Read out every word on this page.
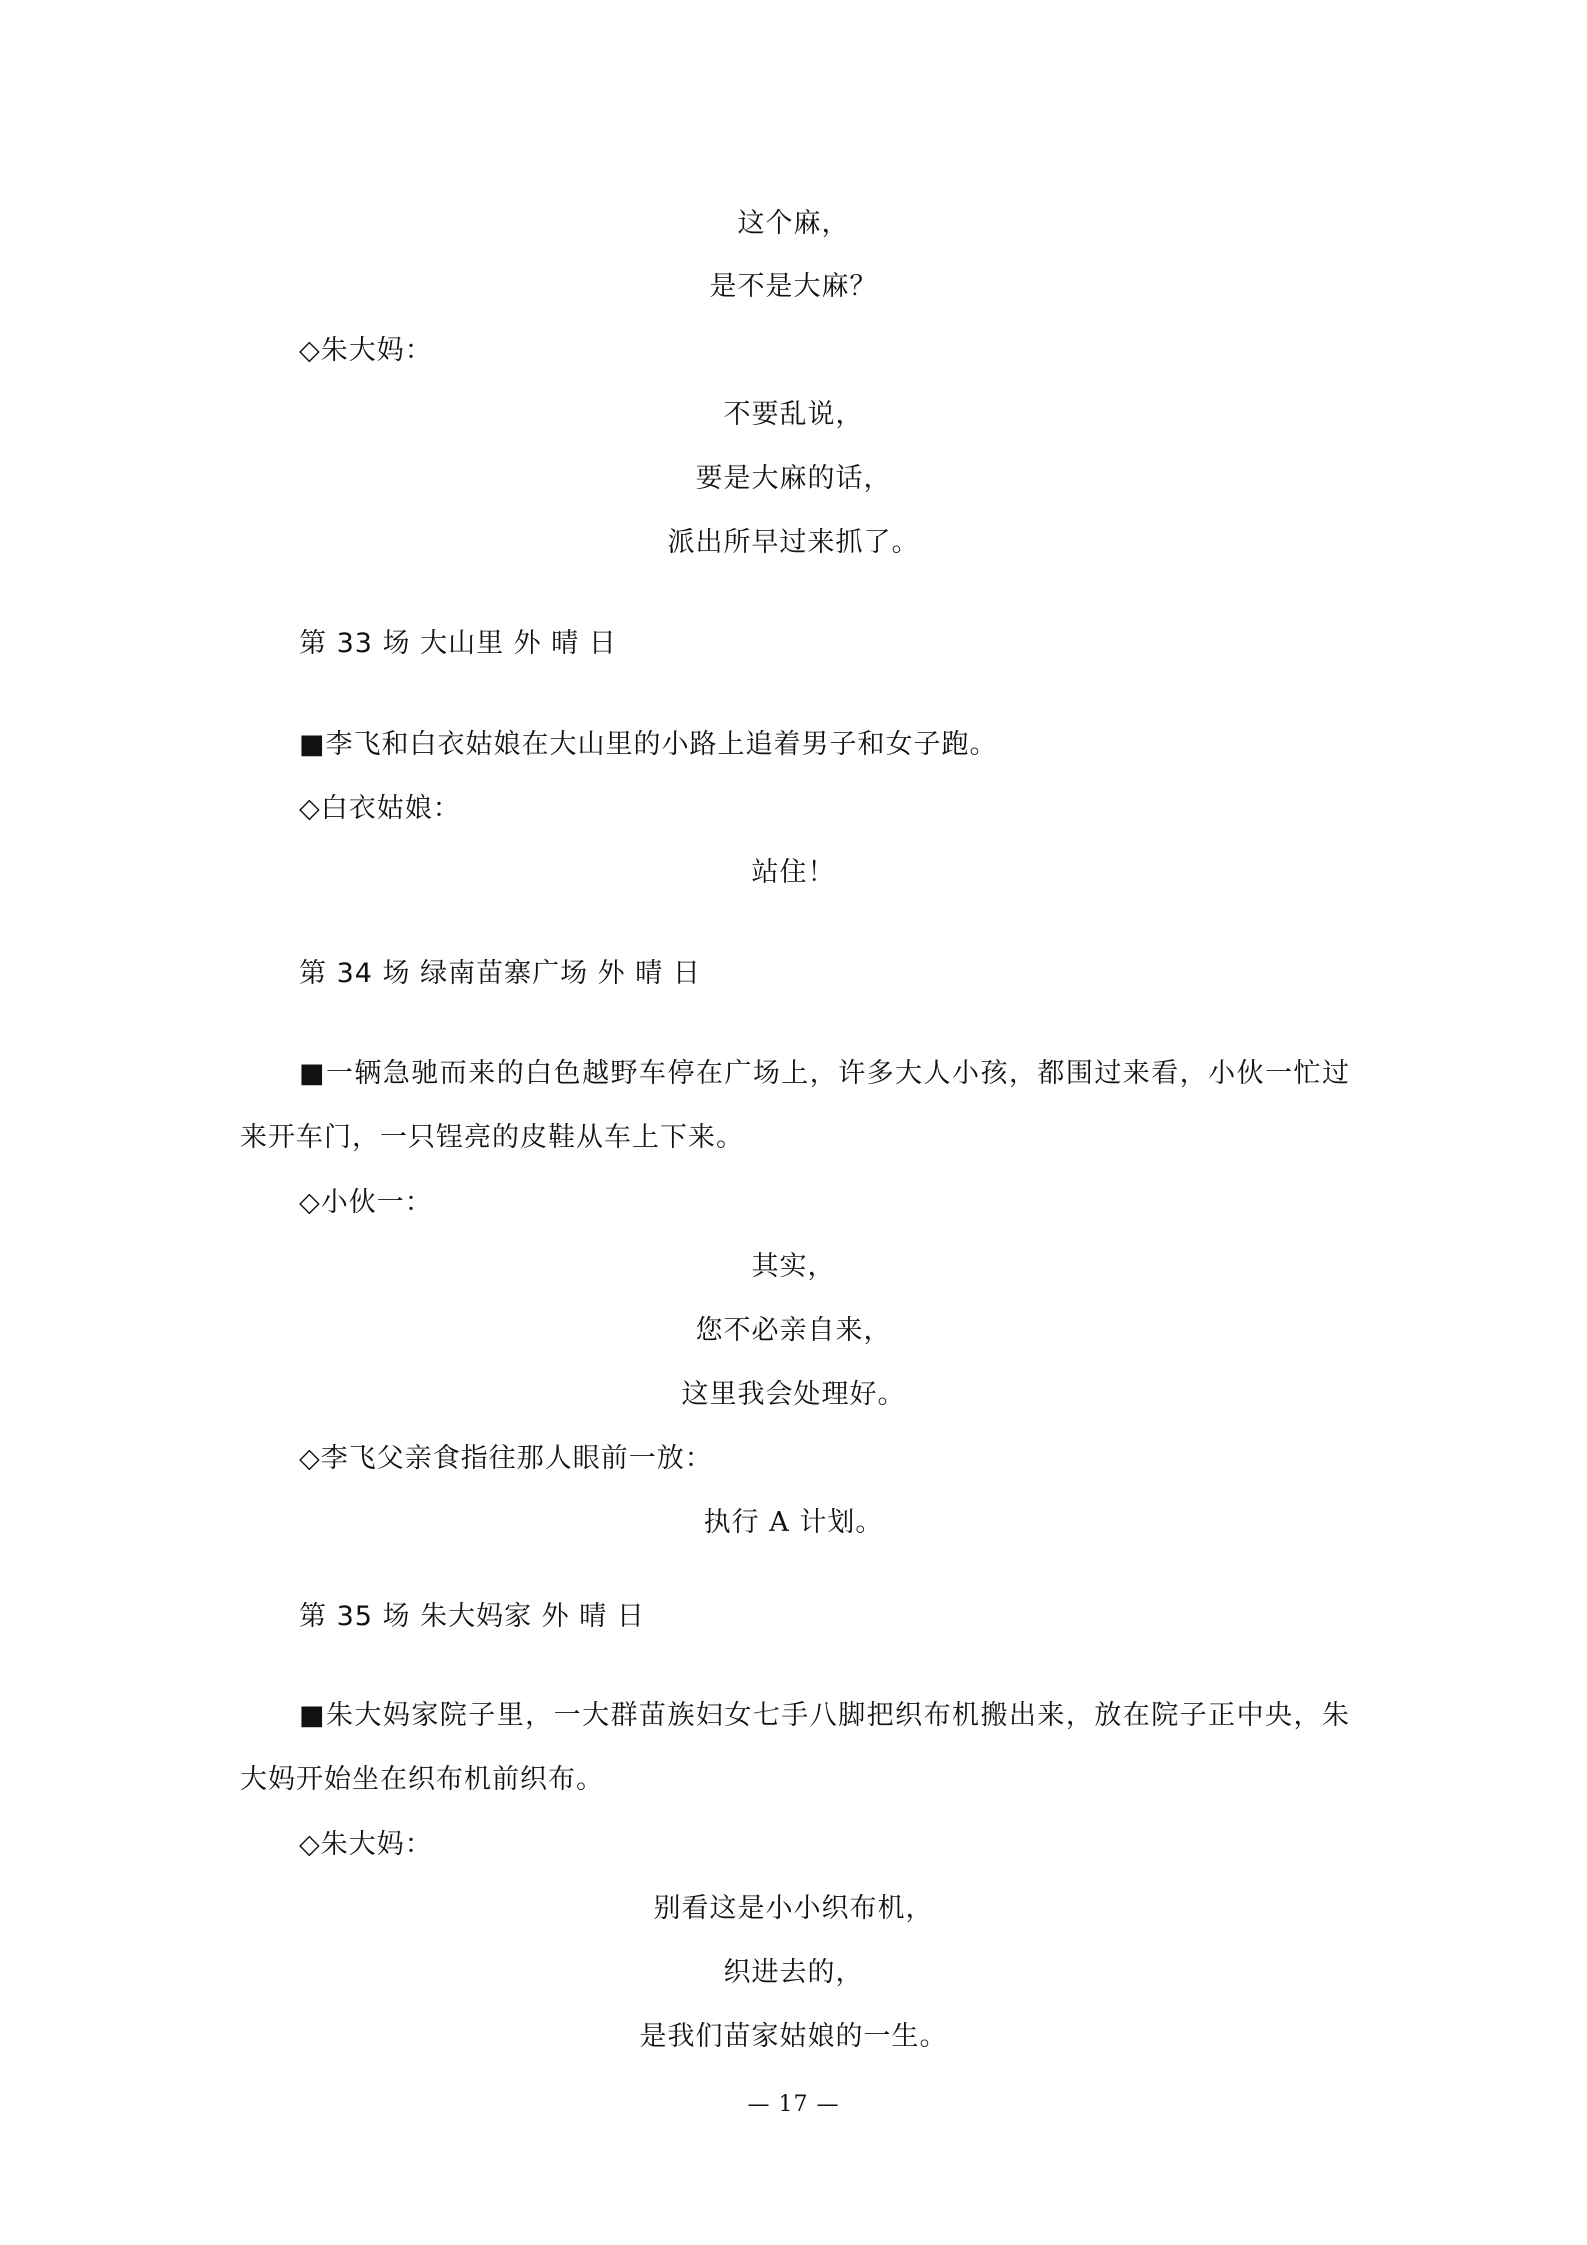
这个麻，
是不是大麻？
◇朱大妈：
不要乱说，
要是大麻的话，
派出所早过来抓了。
第 33 场 大山里 外 晴 日
■李飞和白衣姑娘在大山里的小路上追着男子和女子跑。
◇白衣姑娘：
站住！
第 34 场 绿南苗寨广场 外 晴 日
■一辆急驰而来的白色越野车停在广场上，许多大人小孩，都围过来看，小伙一忙过来开车门，一只锃亮的皮鞋从车上下来。
◇小伙一：
其实，
您不必亲自来，
这里我会处理好。
◇李飞父亲食指往那人眼前一放：
执行 A 计划。
第 35 场 朱大妈家 外 晴 日
■朱大妈家院子里，一大群苗族妇女七手八脚把织布机搬出来，放在院子正中央，朱大妈开始坐在织布机前织布。
◇朱大妈：
别看这是小小织布机，
织进去的，
是我们苗家姑娘的一生。
— 17 —
